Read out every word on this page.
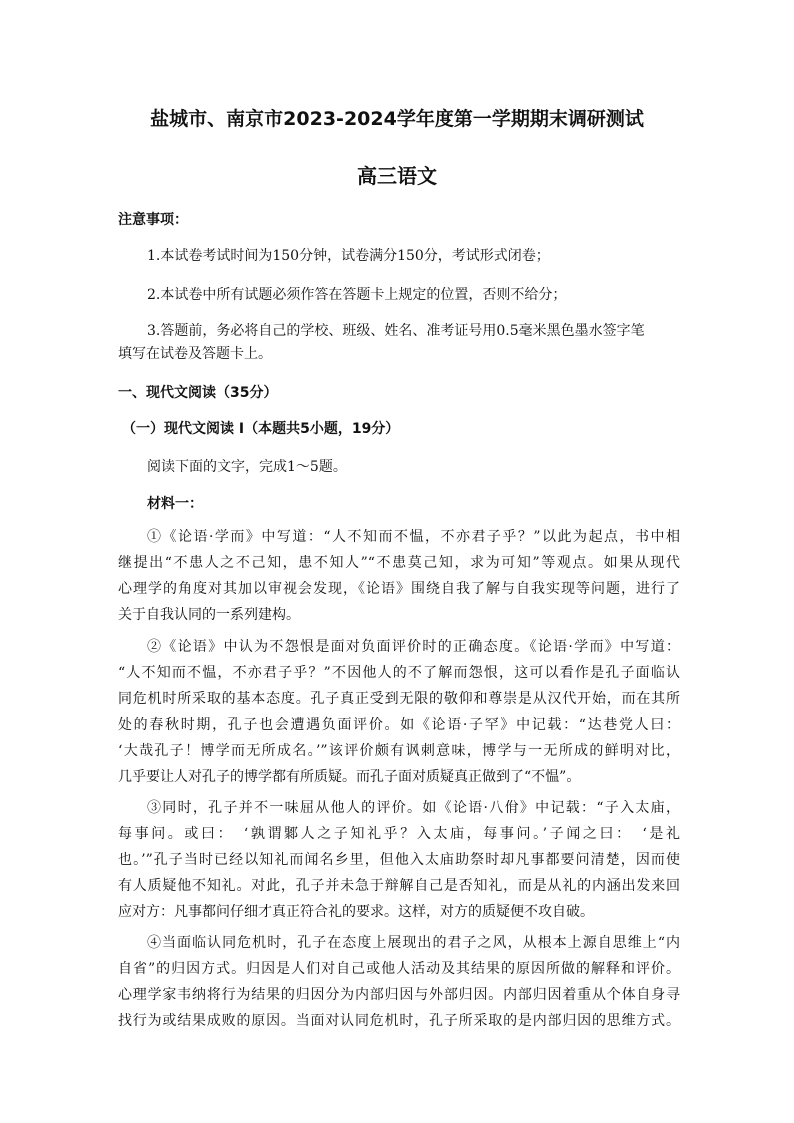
盐城市、南京市2023-2024学年度第一学期期末调研测试
高三语文
注意事项：
1.本试卷考试时间为150分钟，试卷满分150分，考试形式闭卷；
2.本试卷中所有试题必须作答在答题卡上规定的位置，否则不给分；
3.答题前，务必将自己的学校、班级、姓名、准考证号用0.5毫米黑色墨水签字笔
填写在试卷及答题卡上。
一、现代文阅读（35分）
（一）现代文阅读 I（本题共5小题，19分）
阅读下面的文字，完成1～5题。
材料一：
①《论语·学而》中写道：“人不知而不愠，不亦君子乎？”以此为起点，书中相
继提出“不患人之不己知，患不知人”“不患莫己知，求为可知”等观点。如果从现代
心理学的角度对其加以审视会发现，《论语》围绕自我了解与自我实现等问题，进行了
关于自我认同的一系列建构。
②《论语》中认为不怨恨是面对负面评价时的正确态度。《论语·学而》中写道：
“人不知而不愠，不亦君子乎？”不因他人的不了解而怨恨，这可以看作是孔子面临认
同危机时所采取的基本态度。孔子真正受到无限的敬仰和尊崇是从汉代开始，而在其所
处的春秋时期，孔子也会遭遇负面评价。如《论语·子罕》中记载：“达巷党人曰：
‘大哉孔子！博学而无所成名。’”该评价颇有讽刺意味，博学与一无所成的鲜明对比，
几乎要让人对孔子的博学都有所质疑。而孔子面对质疑真正做到了“不愠”。
③同时，孔子并不一味屈从他人的评价。如《论语·八佾》中记载：“子入太庙，
每事问。或曰：　‘孰谓鄹人之子知礼乎？入太庙，每事问。’子闻之曰：　‘是礼
也。’”孔子当时已经以知礼而闻名乡里，但他入太庙助祭时却凡事都要问清楚，因而使
有人质疑他不知礼。对此，孔子并未急于辩解自己是否知礼，而是从礼的内涵出发来回
应对方：凡事都问仔细才真正符合礼的要求。这样，对方的质疑便不攻自破。
④当面临认同危机时，孔子在态度上展现出的君子之风，从根本上源自思维上“内
自省”的归因方式。归因是人们对自己或他人活动及其结果的原因所做的解释和评价。
心理学家韦纳将行为结果的归因分为内部归因与外部归因。内部归因着重从个体自身寻
找行为或结果成败的原因。当面对认同危机时，孔子所采取的是内部归因的思维方式。
